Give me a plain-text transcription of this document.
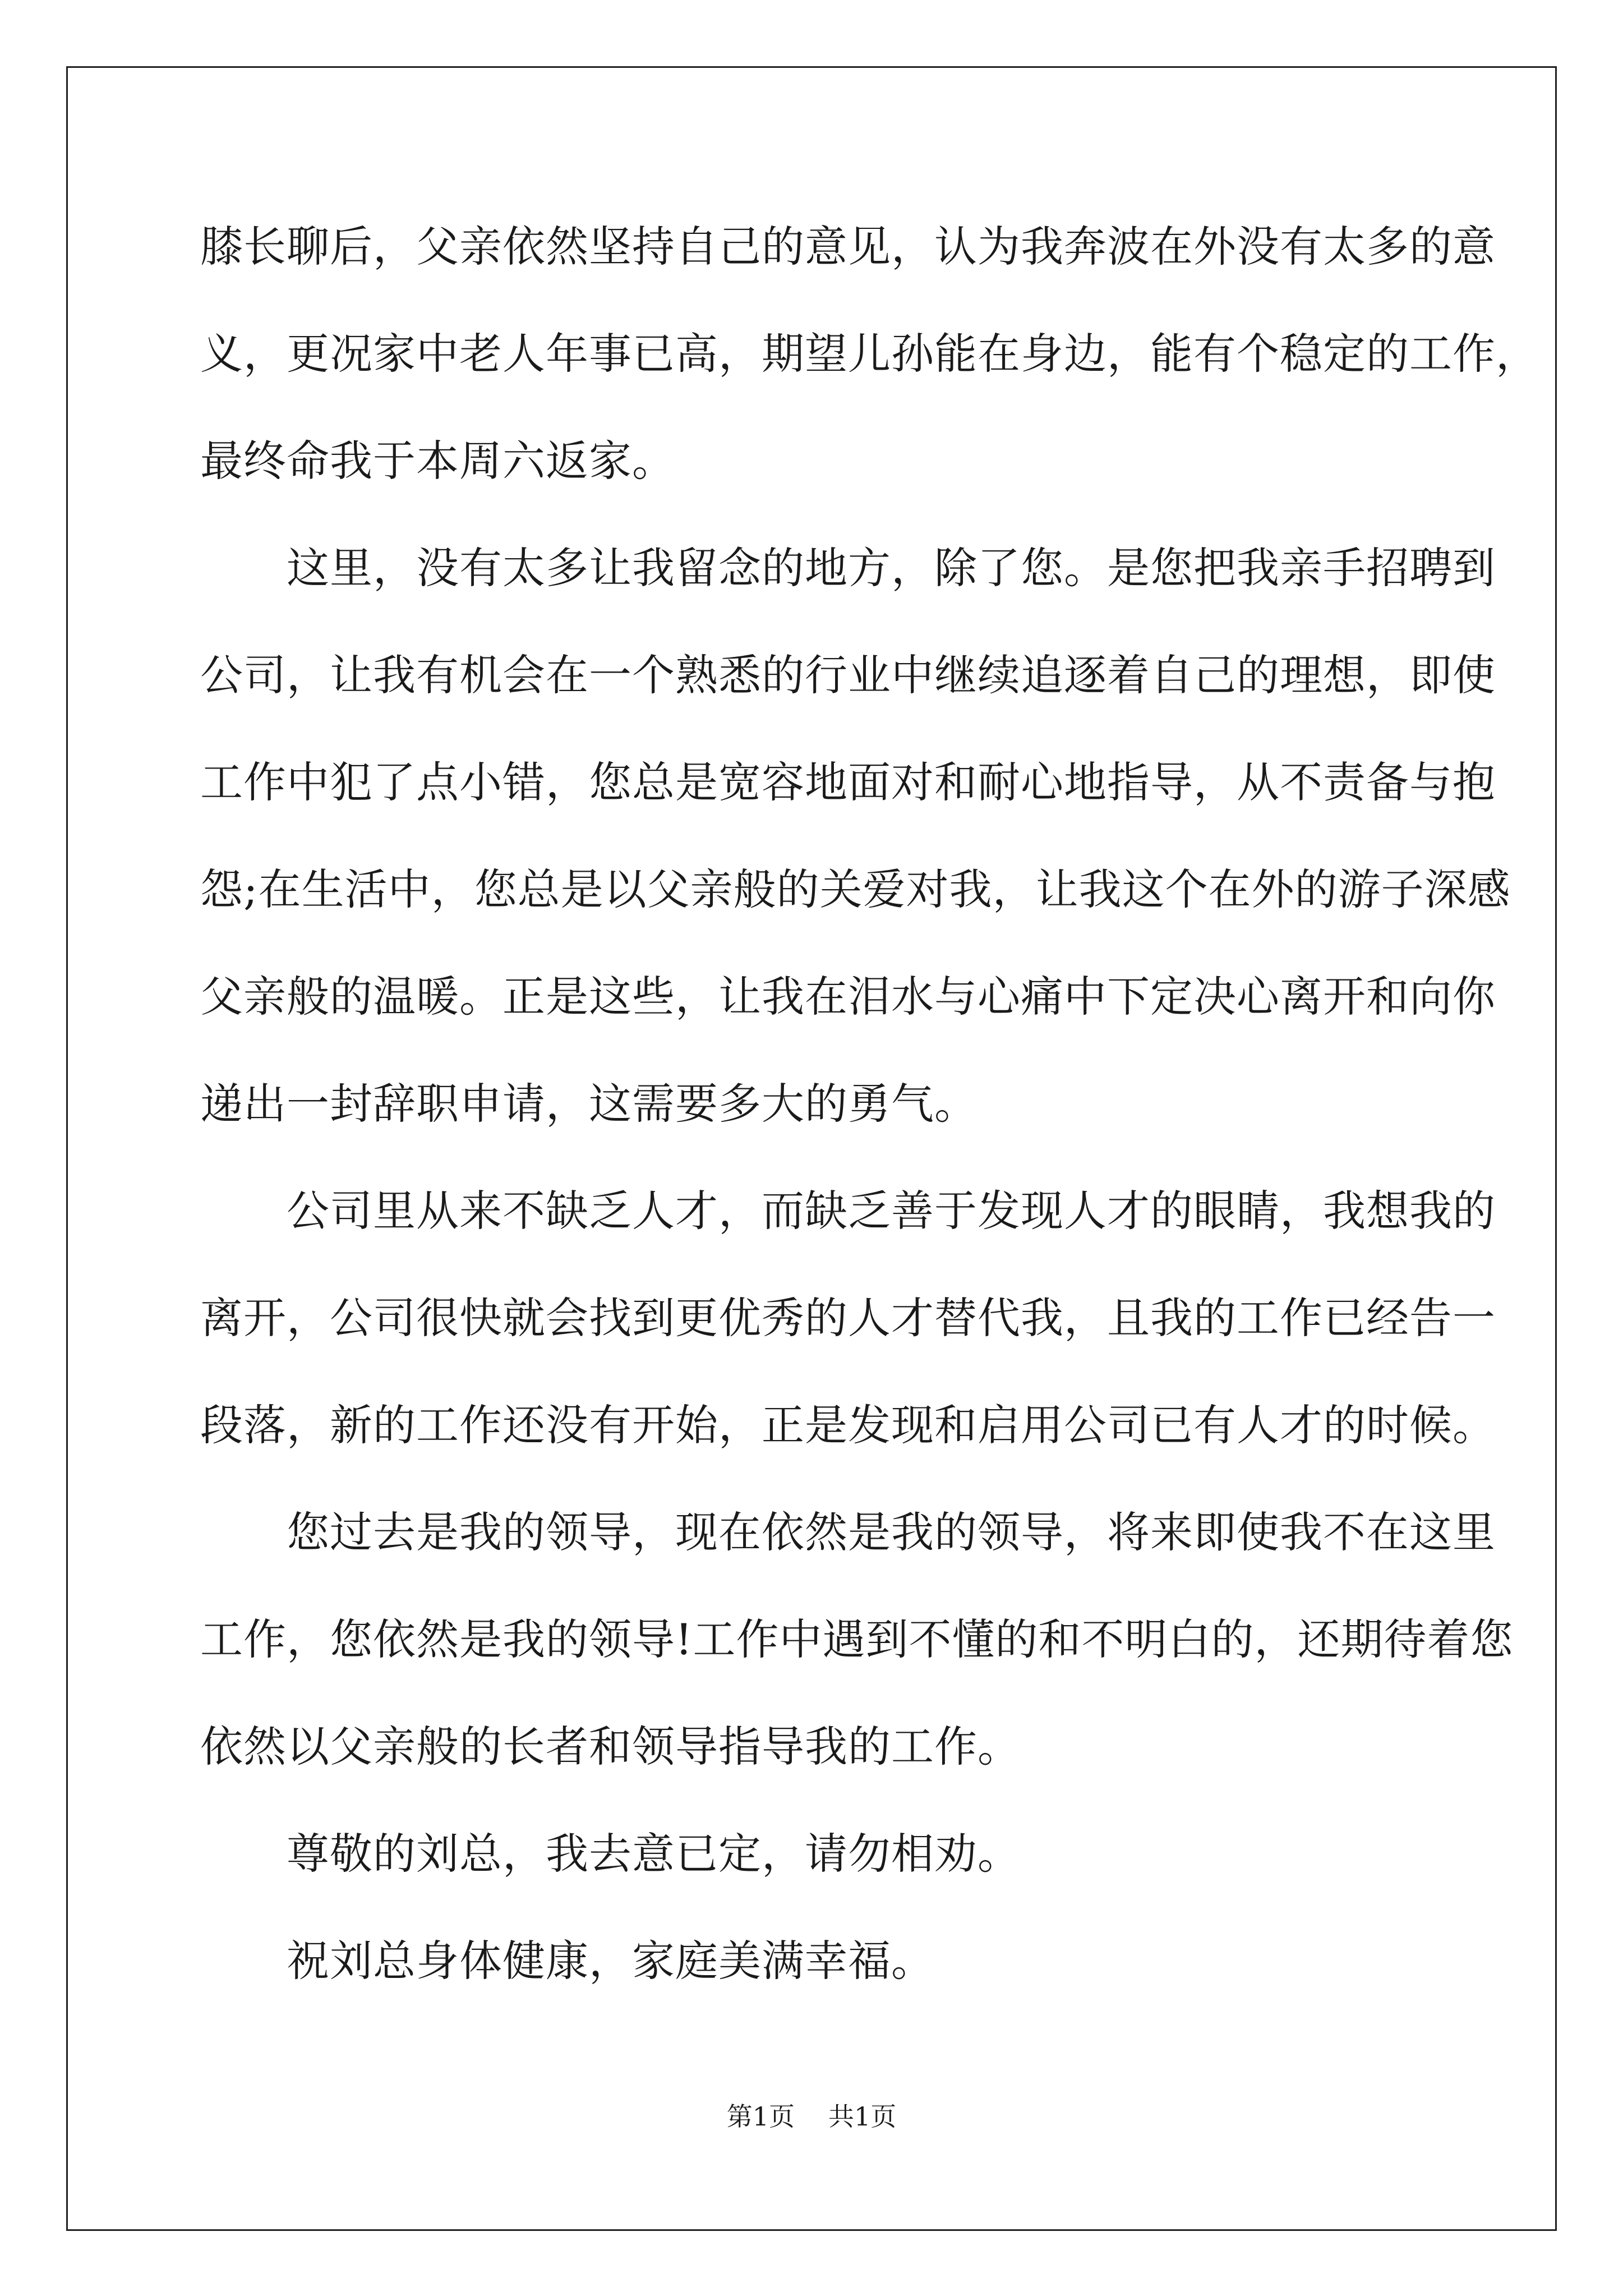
膝长聊后，父亲依然坚持自己的意见，认为我奔波在外没有太多的意
义，更况家中老人年事已高，期望儿孙能在身边，能有个稳定的工作，
最终命我于本周六返家。
　　这里，没有太多让我留念的地方，除了您。是您把我亲手招聘到
公司，让我有机会在一个熟悉的行业中继续追逐着自己的理想，即使
工作中犯了点小错，您总是宽容地面对和耐心地指导，从不责备与抱
怨;在生活中，您总是以父亲般的关爱对我，让我这个在外的游子深感
父亲般的温暖。正是这些，让我在泪水与心痛中下定决心离开和向你
递出一封辞职申请，这需要多大的勇气。
　　公司里从来不缺乏人才，而缺乏善于发现人才的眼睛，我想我的
离开，公司很快就会找到更优秀的人才替代我，且我的工作已经告一
段落，新的工作还没有开始，正是发现和启用公司已有人才的时候。
　　您过去是我的领导，现在依然是我的领导，将来即使我不在这里
工作，您依然是我的领导!工作中遇到不懂的和不明白的，还期待着您
依然以父亲般的长者和领导指导我的工作。
　　尊敬的刘总，我去意已定，请勿相劝。
　　祝刘总身体健康，家庭美满幸福。
第1页 共1页
